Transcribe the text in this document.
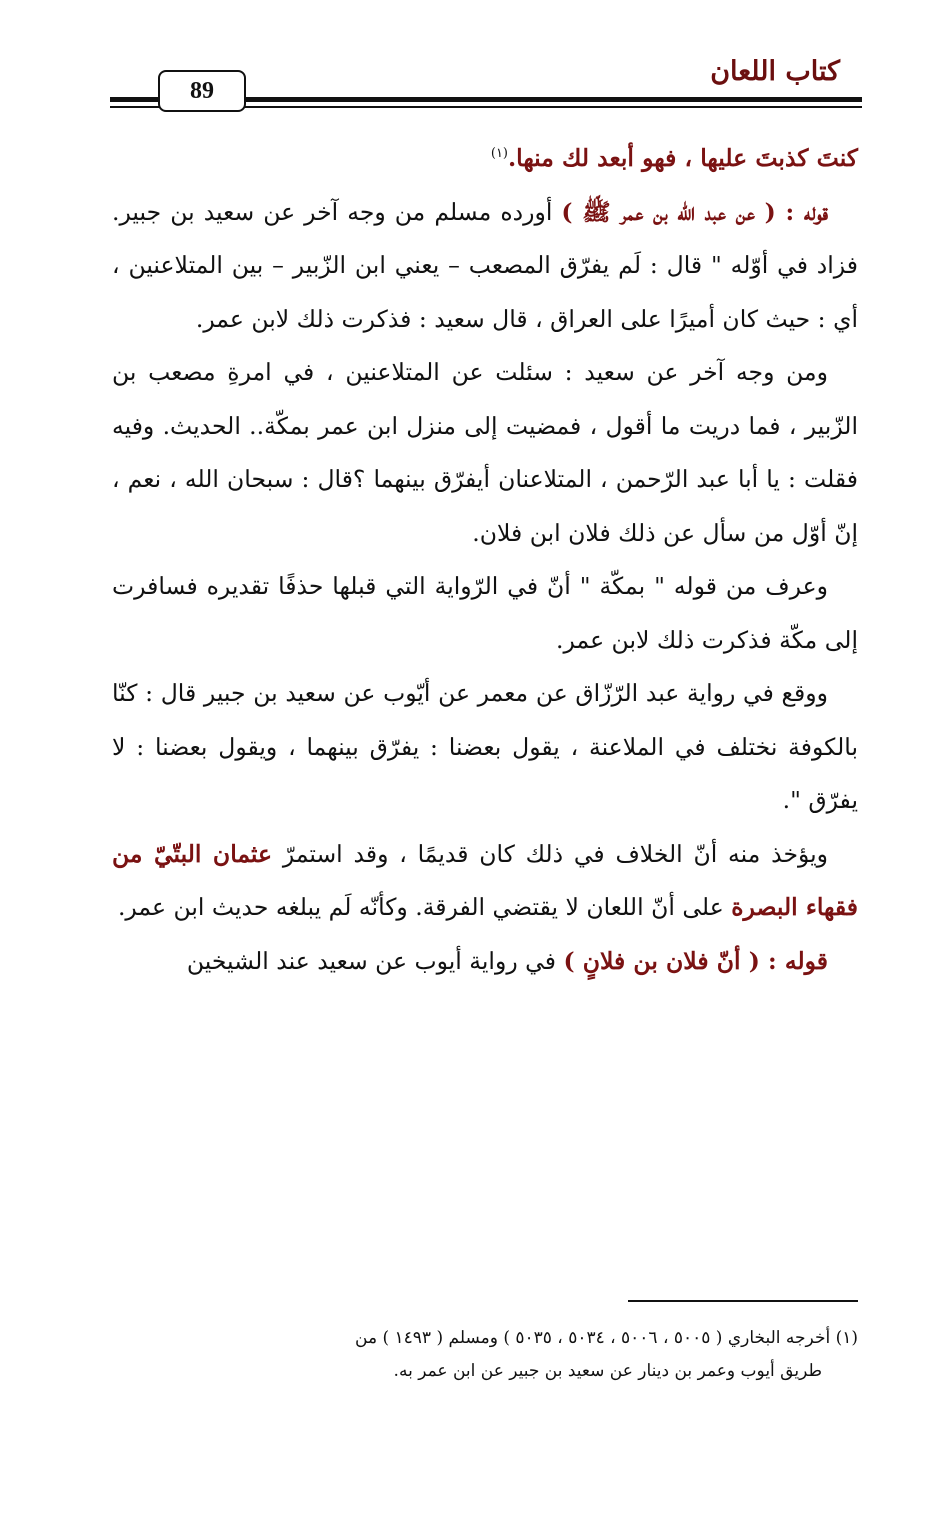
كتاب اللعان
89

كنتَ كذبتَ عليها ، فهو أبعد لك منها.$^{(١)}$

قوله : ( عن عبد الله بن عمر ﷺ ) أورده مسلم من وجه آخر عن سعيد بن جبير. فزاد في أوّله " قال : لَم يفرّق المصعب – يعني ابن الزّبير – بين المتلاعنين ، أي : حيث كان أميرًا على العراق ، قال سعيد : فذكرت ذلك لابن عمر.

ومن وجه آخر عن سعيد : سئلت عن المتلاعنين ، في امرةِ مصعب بن الزّبير ، فما دريت ما أقول ، فمضيت إلى منزل ابن عمر بمكّة.. الحديث. وفيه فقلت : يا أبا عبد الرّحمن ، المتلاعنان أيفرّق بينهما ؟قال : سبحان الله ، نعم ، إنّ أوّل من سأل عن ذلك فلان ابن فلان.

وعرف من قوله " بمكّة " أنّ في الرّواية التي قبلها حذفًا تقديره فسافرت إلى مكّة فذكرت ذلك لابن عمر.

ووقع في رواية عبد الرّزّاق عن معمر عن أيّوب عن سعيد بن جبير قال : كنّا بالكوفة نختلف في الملاعنة ، يقول بعضنا : يفرّق بينهما ، ويقول بعضنا : لا يفرّق ".

ويؤخذ منه أنّ الخلاف في ذلك كان قديمًا ، وقد استمرّ عثمان البتّيّ من فقهاء البصرة على أنّ اللعان لا يقتضي الفرقة. وكأنّه لَم يبلغه حديث ابن عمر.

قوله : ( أنّ فلان بن فلانٍ ) في رواية أيوب عن سعيد عند الشيخين

(١) أخرجه البخاري ( ٥٠٠٥ ، ٥٠٠٦ ، ٥٠٣٤ ، ٥٠٣٥ ) ومسلم ( ١٤٩٣ ) من

طريق أيوب وعمر بن دينار عن سعيد بن جبير عن ابن عمر به.
